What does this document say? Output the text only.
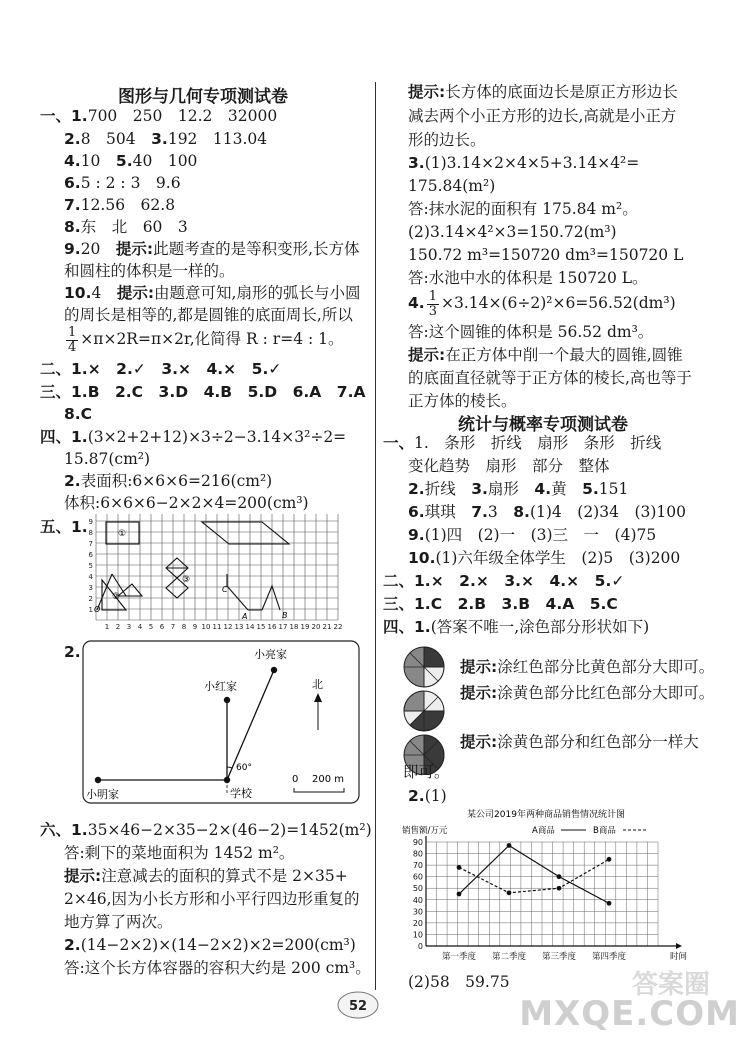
图形与几何专项测试卷
一、1.700　250　12.2　32000
2.8　504　3.192　113.04
4.10　5.40　100
6.5 : 2 : 3　9.6
7.12.56　62.8
8.东　北　60　3
9.20　提示:此题考查的是等积变形,长方体
和圆柱的体积是一样的。
10.4　提示:由题意可知,扇形的弧长与小圆
的周长是相等的,都是圆锥的底面周长,所以
$\frac{1}{4} \times\pi\times 2R=\pi\times 2r$,化简得 R : r=4 : 1。
二、1.×　2.✓　3.×　4.×　5.✓
三、1.B　2.C　3.D　4.B　5.D　6.A　7.A
8.C
四、1.(3×2+2+12)×3÷2−3.14×3²÷2=
15.87(cm²)
2.表面积:6×6×6=216(cm²)
体积:6×6×6−2×2×4=200(cm³)
五、1.
1 2 3 4 5 6 7 8 9 10 11 12 13 14 15 16 17 18 19 20 21 22
1
2
3
4
5
6
7
8
9
①
②
③
O
A	B
C
2.	小亮家
小红家
小明家	学校
60°
北
0 200 m
六、1.35×46−2×35−2×(46−2)=1452(m²)
答:剩下的菜地面积为 1452 m²。
提示:注意减去的面积的算式不是 2×35+
2×46,因为小长方形和小平行四边形重复的
地方算了两次。
2.(14−2×2)×(14−2×2)×2=200(cm³)
答:这个长方体容器的容积大约是 200 cm³。
提示:长方体的底面边长是原正方形边长
减去两个小正方形的边长,高就是小正方
形的边长。
3.(1)3.14×2×4×5+3.14×4²=
175.84(m²)
答:抹水泥的面积有 175.84 m²。
(2)3.14×4²×3=150.72(m³)
150.72 m³=150720 dm³=150720 L
答:水池中水的体积是 150720 L。
4. $\frac{1}{3} \times 3.14\times(6\div 2)^2\times 6=56.52(dm^3)$
答:这个圆锥的体积是 56.52 dm³。
提示:在正方体中削一个最大的圆锥,圆锥
的底面直径就等于正方体的棱长,高也等于
正方体的棱长。
统计与概率专项测试卷
一、1.　条形　折线　扇形　条形　折线
变化趋势　扇形　部分　整体
2.折线　3.扇形　4.黄　5.151
6.琪琪　7.3　8.(1)4　(2)34　(3)100
9.(1)四　(2)一　(3)三　一　(4)75
10.(1)六年级全体学生　(2)5　(3)200
二、1.×　2.×　3.×　4.×　5.✓
三、1.C　2.B　3.B　4.A　5.C
四、1.(答案不唯一,涂色部分形状如下)
提示:涂红色部分比黄色部分大即可。
提示:涂黄色部分比红色部分大即可。
提示:涂黄色部分和红色部分一样大
即可。
2.(1)
某公司2019年两种商品销售情况统计图
销售额/万元	A商品	B商品
0
10
20
30
40
50
60
70
80
90
第一季度 第二季度 第三季度 第四季度	时间
(2)58　59.75
52
答案圈
MXQE.COM
